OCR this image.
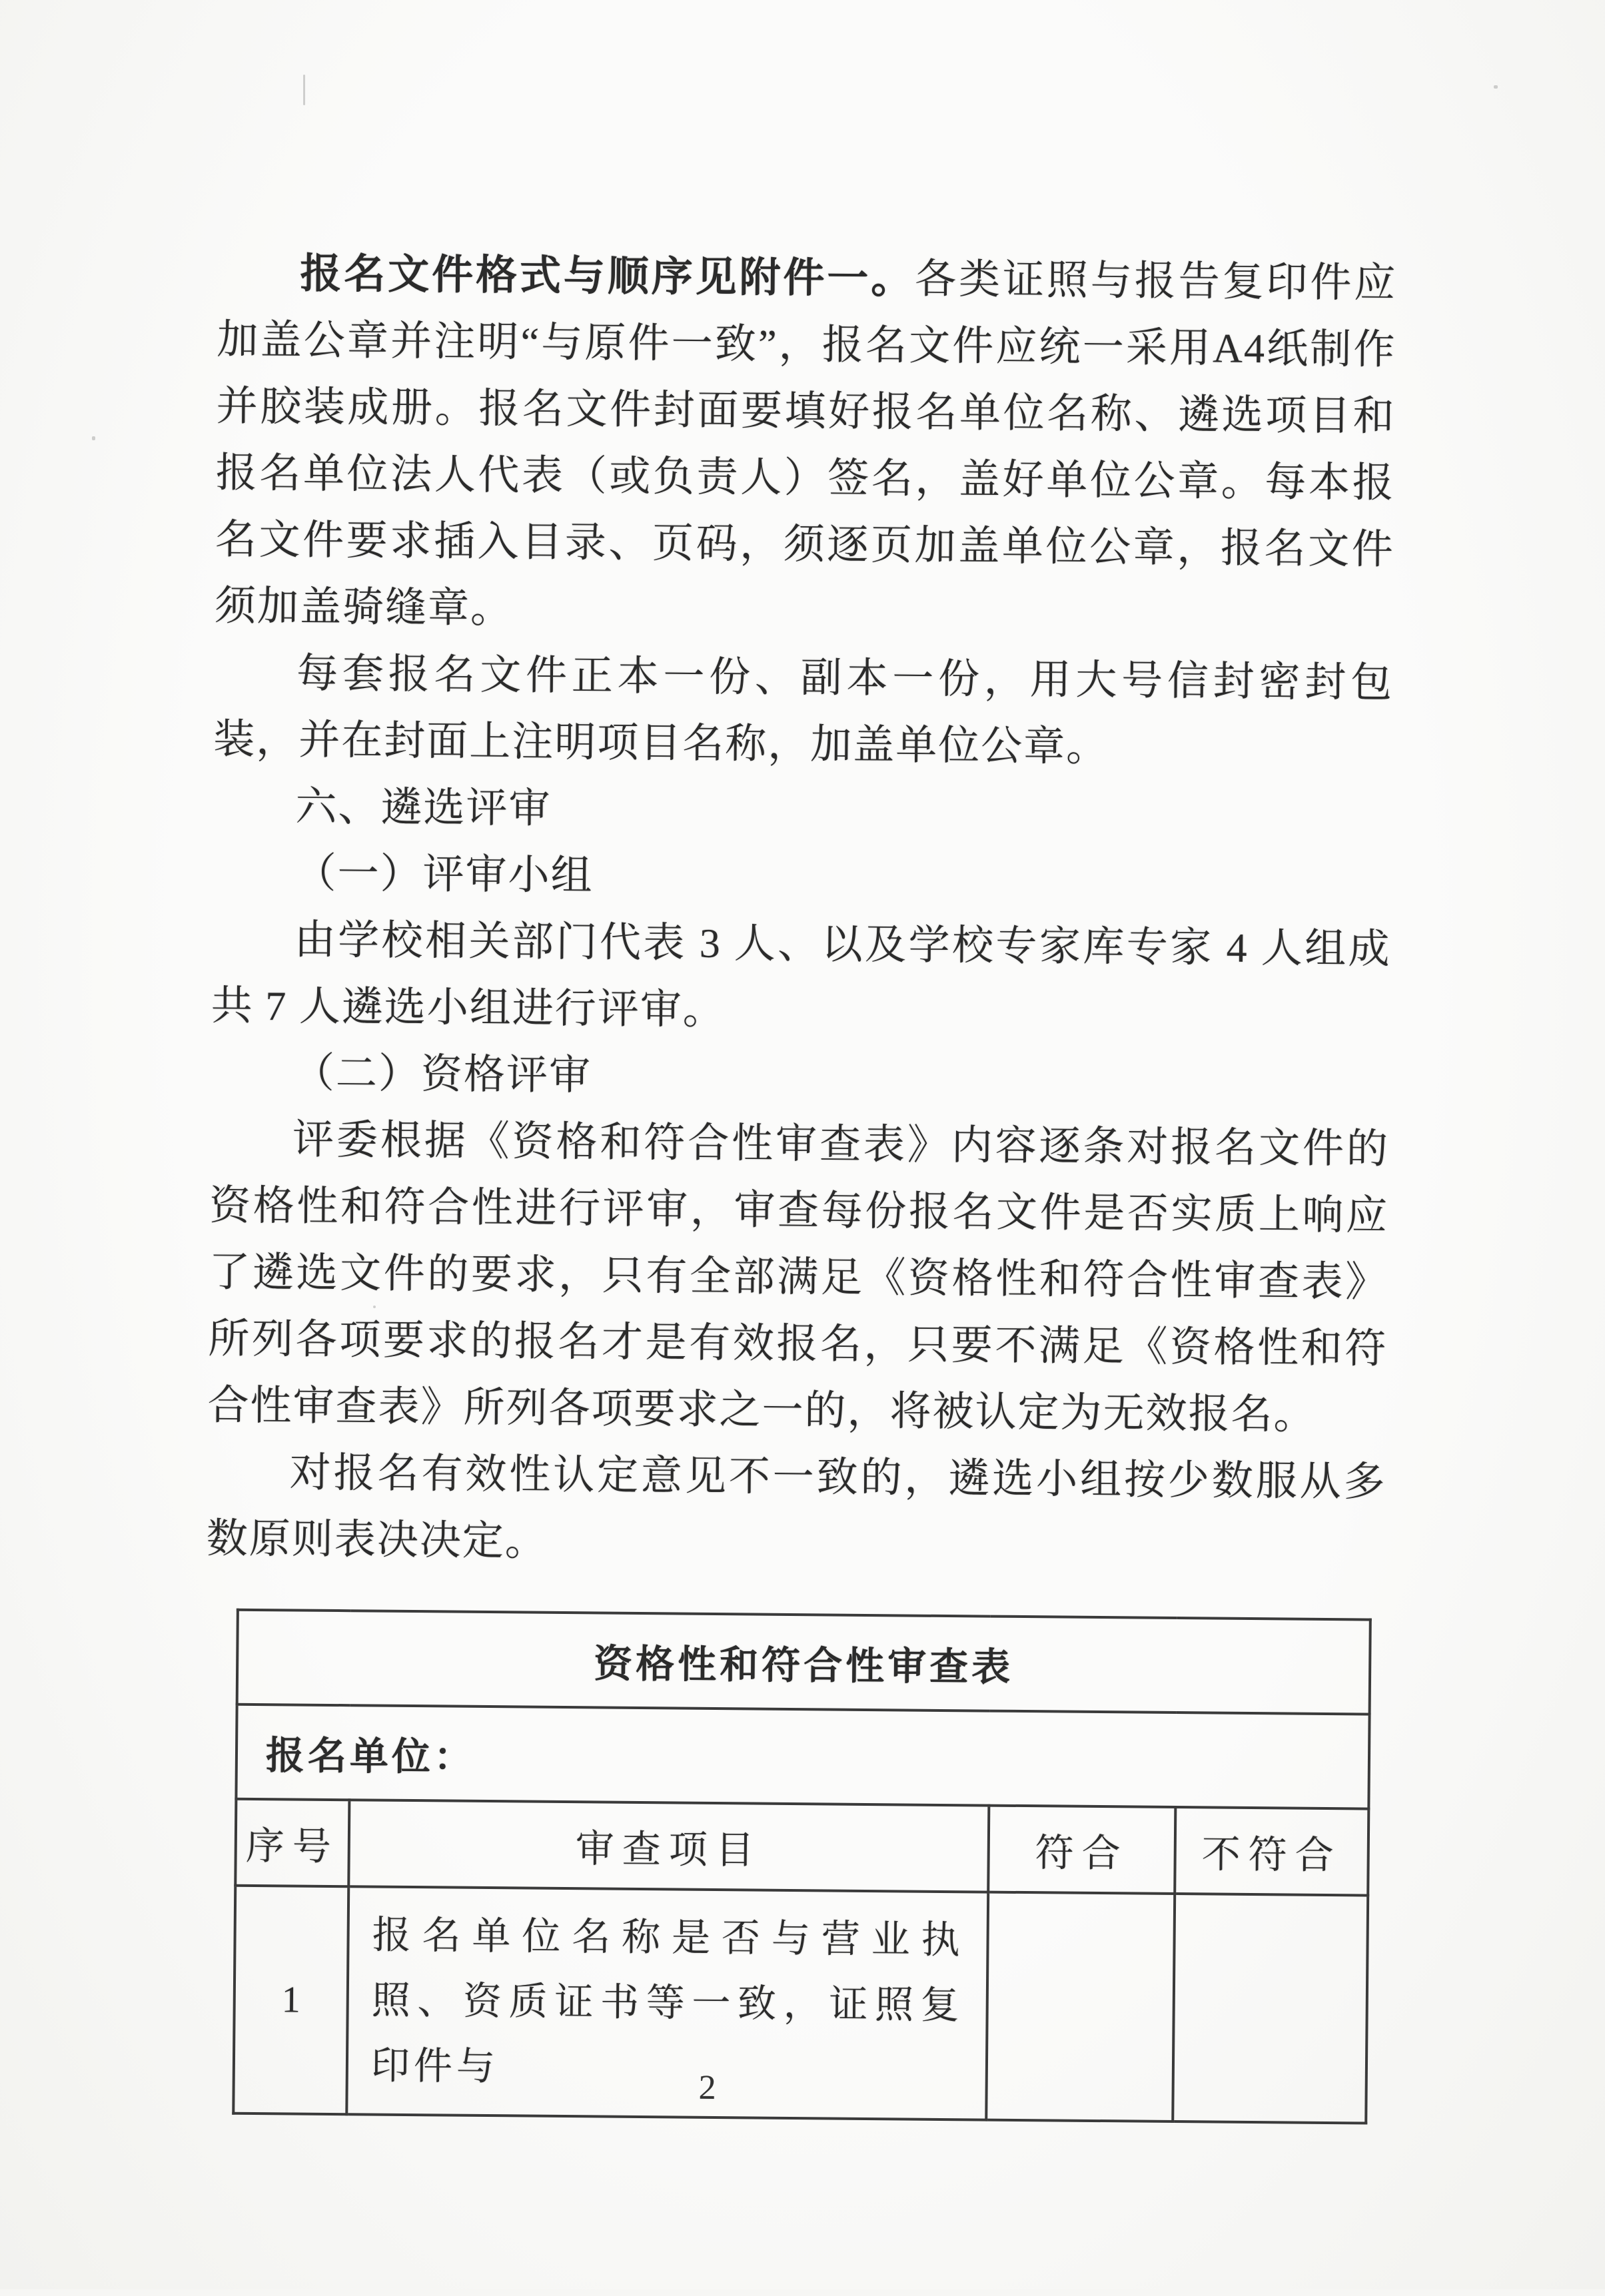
报名文件格式与顺序见附件一。各类证照与报告复印件应加盖公章并注明“与原件一致”，报名文件应统一采用A4纸制作并胶装成册。报名文件封面要填好报名单位名称、遴选项目和报名单位法人代表（或负责人）签名，盖好单位公章。每本报名文件要求插入目录、页码，须逐页加盖单位公章，报名文件须加盖骑缝章。

每套报名文件正本一份、副本一份，用大号信封密封包装，并在封面上注明项目名称，加盖单位公章。

六、遴选评审

（一）评审小组

由学校相关部门代表 3 人、以及学校专家库专家 4 人组成共 7 人遴选小组进行评审。

（二）资格评审

评委根据《资格和符合性审查表》内容逐条对报名文件的资格性和符合性进行评审，审查每份报名文件是否实质上响应了遴选文件的要求，只有全部满足《资格性和符合性审查表》所列各项要求的报名才是有效报名，只要不满足《资格性和符合性审查表》所列各项要求之一的，将被认定为无效报名。

对报名有效性认定意见不一致的，遴选小组按少数服从多数原则表决决定。

资格性和符合性审查表			
报名单位：			
序号	审查项目	符合	不符合
1	报名单位名称是否与营业执照、资质证书等一致，证照复印件与			2
